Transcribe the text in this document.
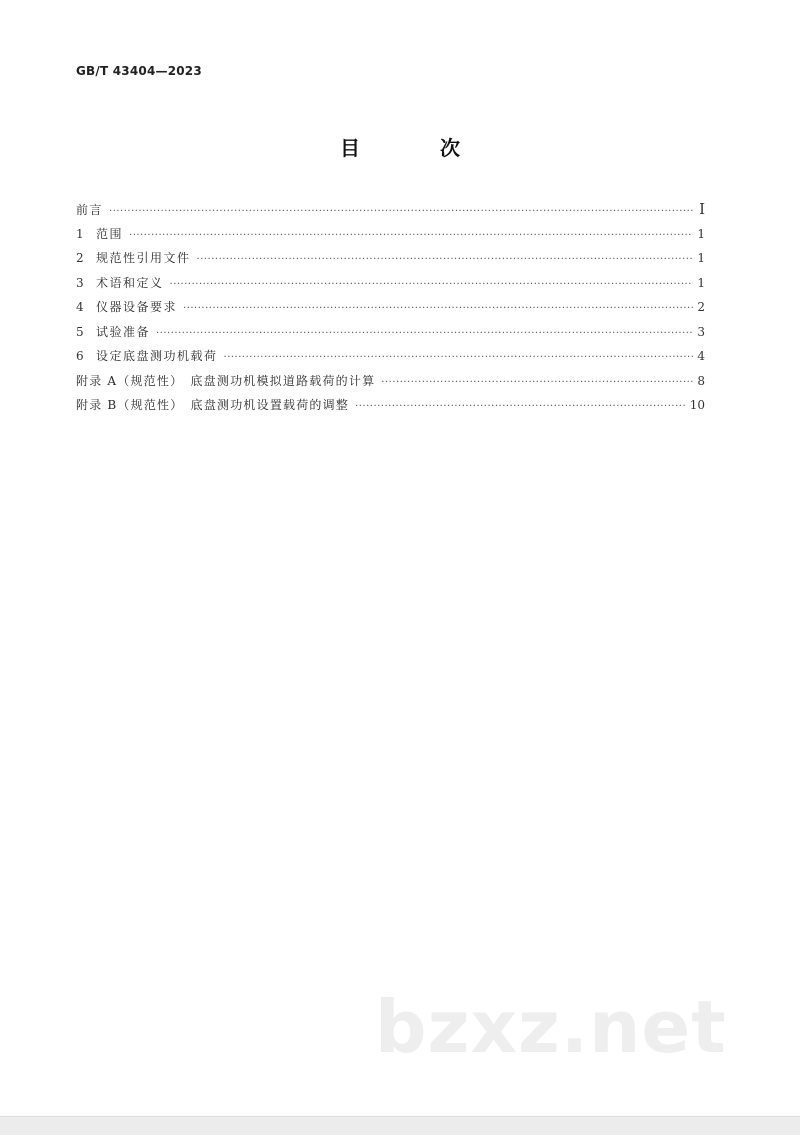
GB/T 43404—2023
目　次
前言 ·····	Ⅰ
1	范围 ·····	1
2	规范性引用文件 ·····	1
3	术语和定义 ·····	1
4	仪器设备要求 ·····	2
5	试验准备 ·····	3
6	设定底盘测功机载荷 ·····	4
附录 A（规范性）　底盘测功机模拟道路载荷的计算 ·····	8
附录 B（规范性）　底盘测功机设置载荷的调整 ·····	10
bzxz.net
